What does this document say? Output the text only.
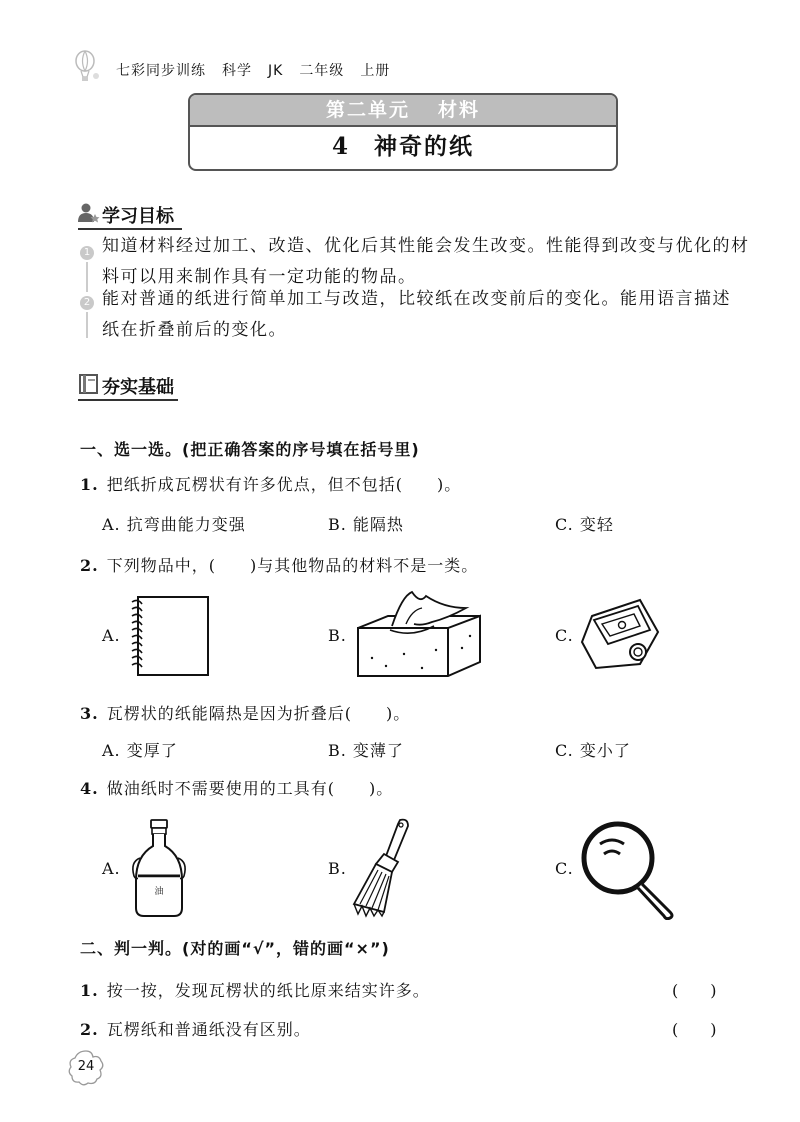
七彩同步训练 科学 JK 二年级 上册
第二单元 材料
4 神奇的纸
学习目标
1
2
知道材料经过加工、改造、优化后其性能会发生改变。性能得到改变与优化的材
料可以用来制作具有一定功能的物品。
能对普通的纸进行简单加工与改造，比较纸在改变前后的变化。能用语言描述
纸在折叠前后的变化。
夯实基础
一、选一选。(把正确答案的序号填在括号里)
1. 把纸折成瓦楞状有许多优点，但不包括(　　)。
A. 抗弯曲能力变强	B. 能隔热	C. 变轻
2. 下列物品中，(　　)与其他物品的材料不是一类。
A.	B.	C.
3. 瓦楞状的纸能隔热是因为折叠后(　　)。
A. 变厚了	B. 变薄了	C. 变小了
4. 做油纸时不需要使用的工具有(　　)。
A.	B.	C.
油
二、判一判。(对的画“√”，错的画“×”)
1. 按一按，发现瓦楞状的纸比原来结实许多。	(　　)
2. 瓦楞纸和普通纸没有区别。	(　　)
24
